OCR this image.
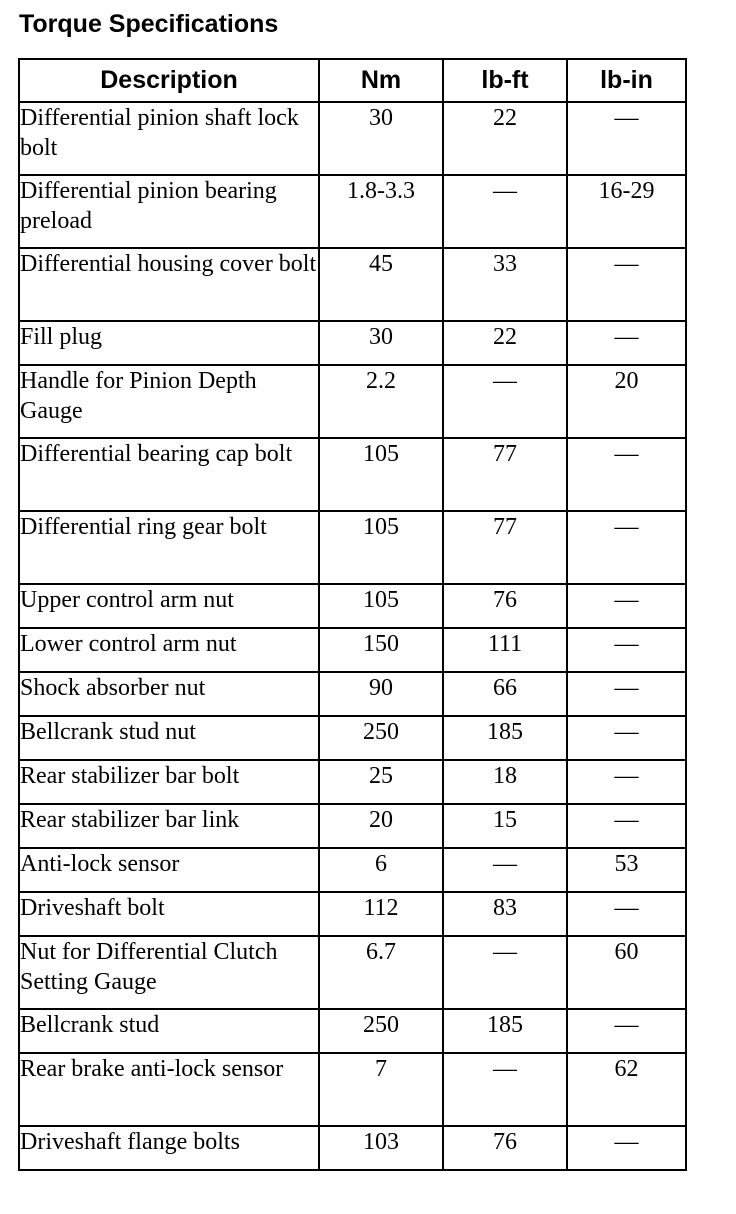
Torque Specifications
Description	Nm	lb-ft	lb-in
Differential pinion shaft lock bolt	30	22	—
Differential pinion bearing preload	1.8-3.3	—	16-29
Differential housing cover bolt	45	33	—
Fill plug	30	22	—
Handle for Pinion Depth Gauge	2.2	—	20
Differential bearing cap bolt	105	77	—
Differential ring gear bolt	105	77	—
Upper control arm nut	105	76	—
Lower control arm nut	150	111	—
Shock absorber nut	90	66	—
Bellcrank stud nut	250	185	—
Rear stabilizer bar bolt	25	18	—
Rear stabilizer bar link	20	15	—
Anti-lock sensor	6	—	53
Driveshaft bolt	112	83	—
Nut for Differential Clutch Setting Gauge	6.7	—	60
Bellcrank stud	250	185	—
Rear brake anti-lock sensor	7	—	62
Driveshaft flange bolts	103	76	—
